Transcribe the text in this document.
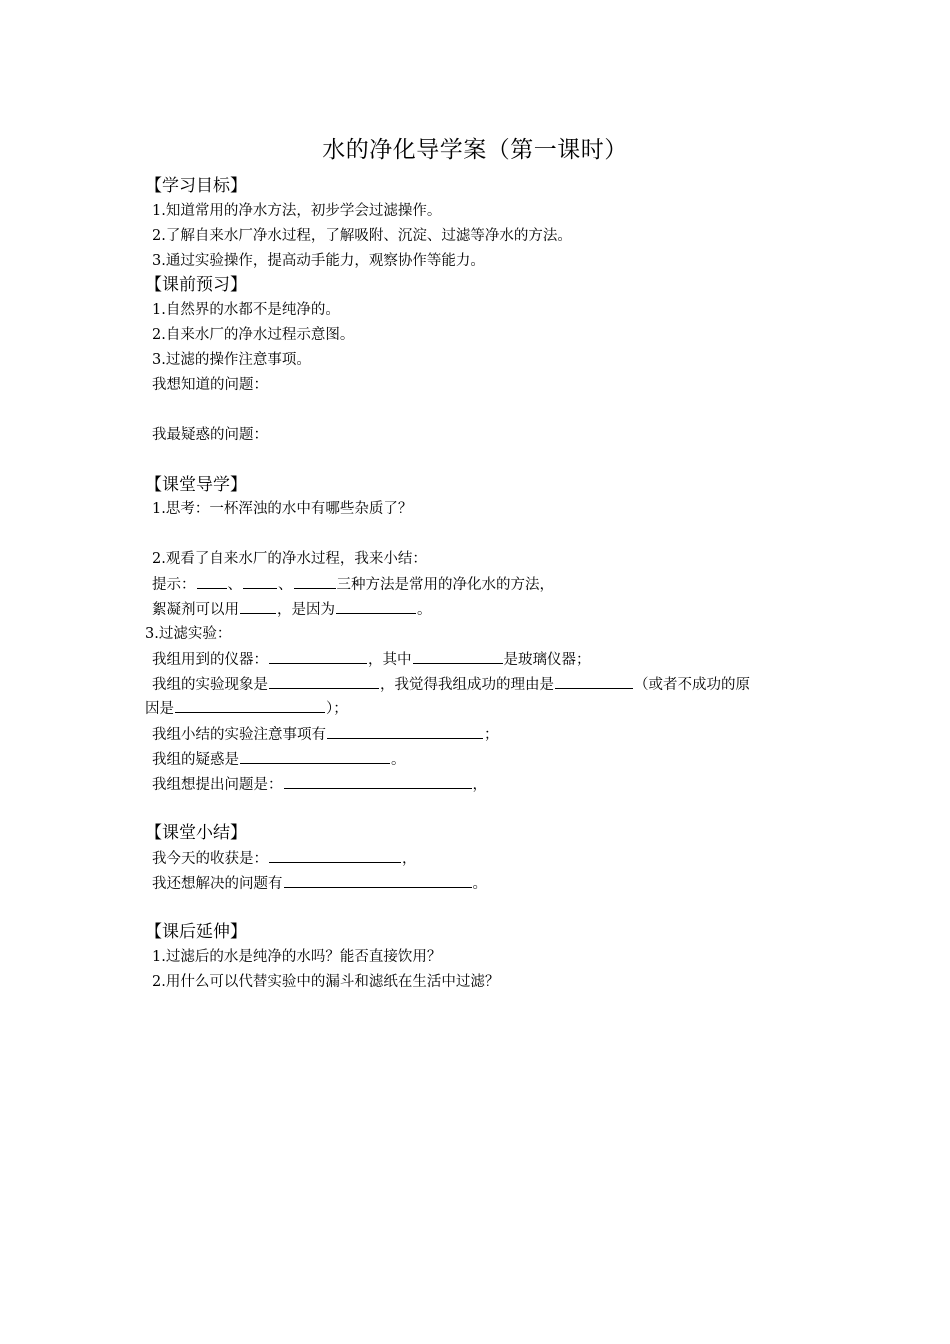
水的净化导学案（第一课时）
【学习目标】
1.知道常用的净水方法，初步学会过滤操作。
2.了解自来水厂净水过程，了解吸附、沉淀、过滤等净水的方法。
3.通过实验操作，提高动手能力，观察协作等能力。
【课前预习】
1.自然界的水都不是纯净的。
2.自来水厂的净水过程示意图。
3.过滤的操作注意事项。
我想知道的问题：
我最疑惑的问题：
【课堂导学】
1.思考：一杯浑浊的水中有哪些杂质了？
2.观看了自来水厂的净水过程，我来小结：
提示： 、 、	三种方法是常用的净化水的方法，
絮凝剂可以用	，是因为	。
3.过滤实验：
我组用到的仪器：	，其中	是玻璃仪器；
我组的实验现象是	，我觉得我组成功的理由是	（或者不成功的原
因是	）；
我组小结的实验注意事项有	；
我组的疑惑是	。
我组想提出问题是：	，
【课堂小结】
我今天的收获是：	，
我还想解决的问题有	。
【课后延伸】
1.过滤后的水是纯净的水吗？能否直接饮用？
2.用什么可以代替实验中的漏斗和滤纸在生活中过滤？
